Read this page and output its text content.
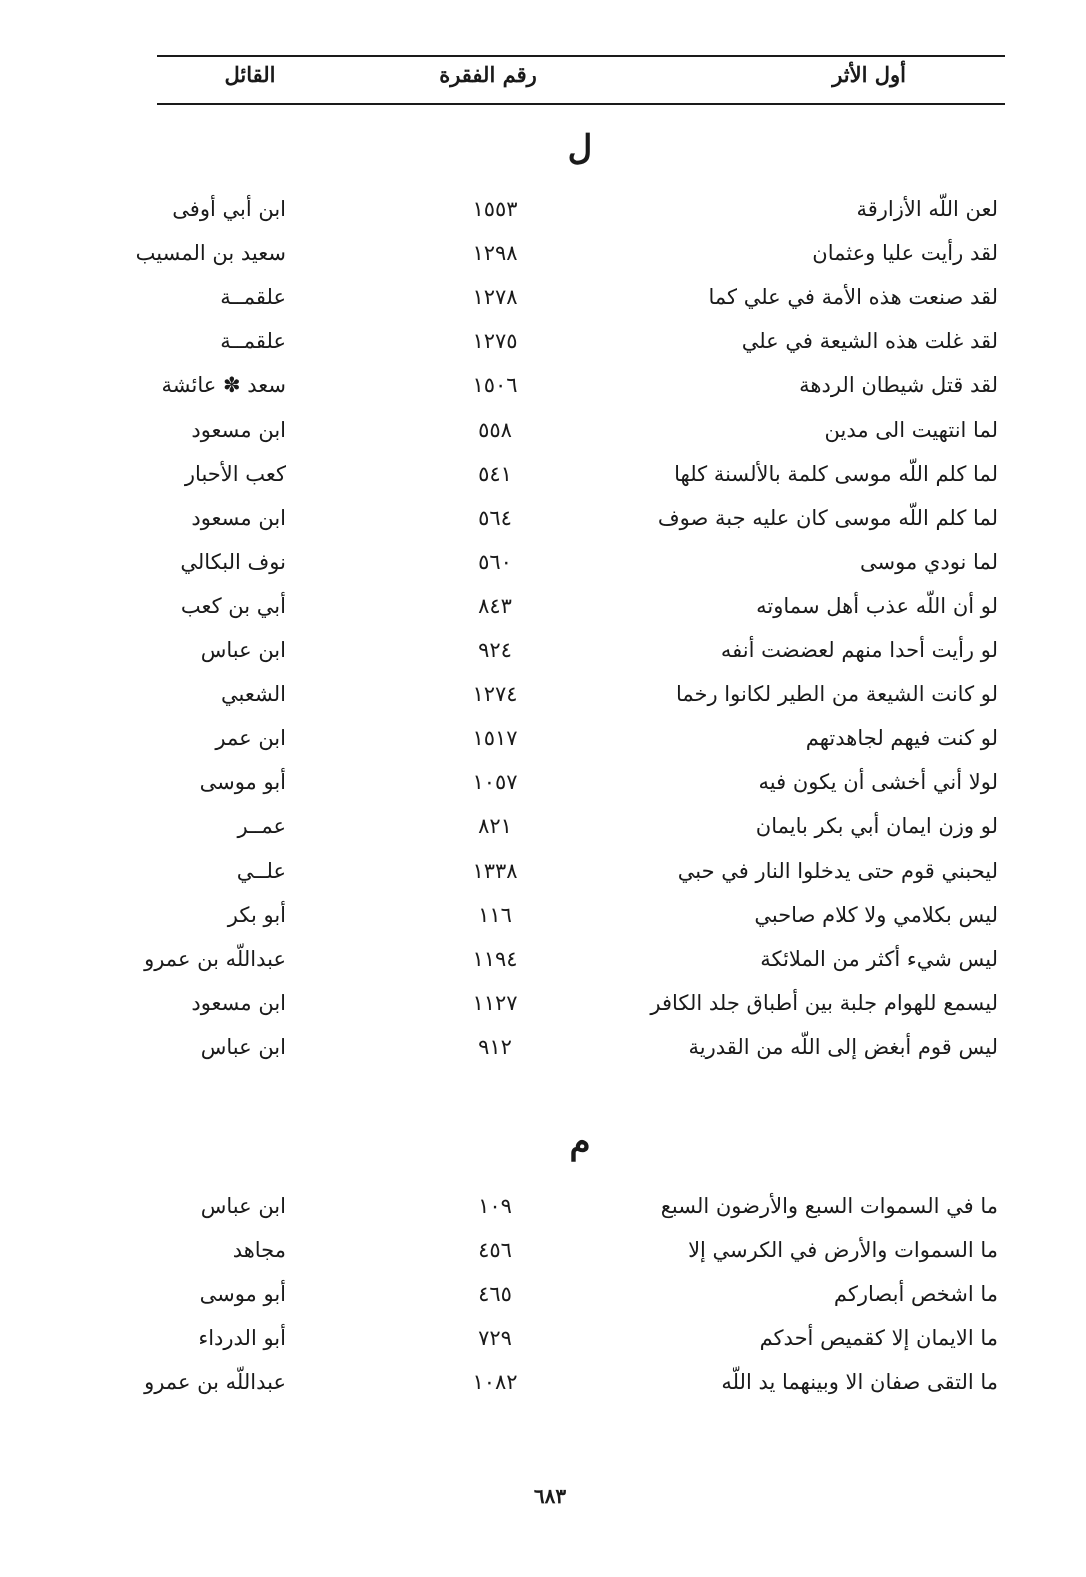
أول الأثر
رقم الفقرة
القائل
ل
لعن اللّه الأزارقة
١٥٥٣
ابن أبي أوفى
لقد رأيت عليا وعثمان
١٢٩٨
سعيد بن المسيب
لقد صنعت هذه الأمة في علي كما
١٢٧٨
علقمــة
لقد غلت هذه الشيعة في علي
١٢٧٥
علقمــة
لقد قتل شيطان الردهة
١٥٠٦
سعد ✽ عائشة
لما انتهيت الى مدين
٥٥٨
ابن مسعود
لما كلم اللّه موسى كلمة بالألسنة كلها
٥٤١
كعب الأحبار
لما كلم اللّه موسى كان عليه جبة صوف
٥٦٤
ابن مسعود
لما نودي موسى
٥٦٠
نوف البكالي
لو أن اللّه عذب أهل سماوته
٨٤٣
أبي بن كعب
لو رأيت أحدا منهم لعضضت أنفه
٩٢٤
ابن عباس
لو كانت الشيعة من الطير لكانوا رخما
١٢٧٤
الشعبي
لو كنت فيهم لجاهدتهم
١٥١٧
ابن عمر
لولا أني أخشى أن يكون فيه
١٠٥٧
أبو موسى
لو وزن ايمان أبي بكر بايمان
٨٢١
عمــر
ليحبني قوم حتى يدخلوا النار في حبي
١٣٣٨
علــي
ليس بكلامي ولا كلام صاحبي
١١٦
أبو بكر
ليس شيء أكثر من الملائكة
١١٩٤
عبداللّه بن عمرو
ليسمع للهوام جلبة بين أطباق جلد الكافر
١١٢٧
ابن مسعود
ليس قوم أبغض إلى اللّه من القدرية
٩١٢
ابن عباس
م
ما في السموات السبع والأرضون السبع
١٠٩
ابن عباس
ما السموات والأرض في الكرسي إلا
٤٥٦
مجاهد
ما اشخص أبصاركم
٤٦٥
أبو موسى
ما الايمان إلا كقميص أحدكم
٧٢٩
أبو الدرداء
ما التقى صفان الا وبينهما يد اللّه
١٠٨٢
عبداللّه بن عمرو
٦٨٣
